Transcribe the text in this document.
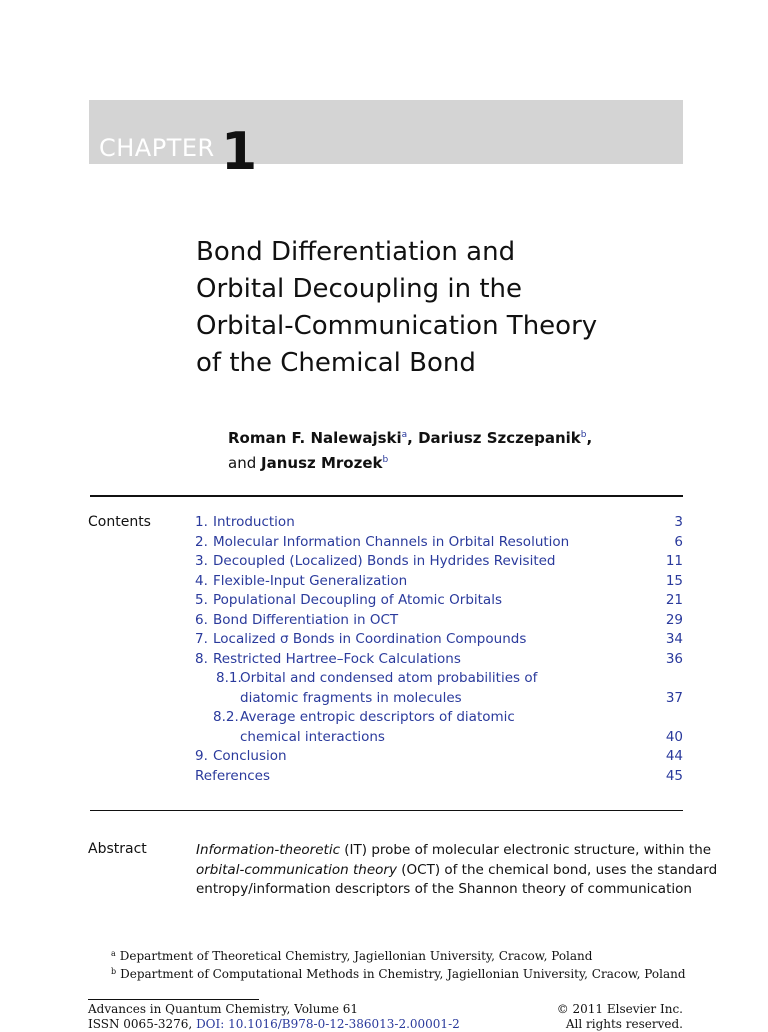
CHAPTER 1
Bond Differentiation and
Orbital Decoupling in the
Orbital-Communication Theory
of the Chemical Bond
Roman F. Nalewajski$^a$, Dariusz Szczepanik$^b$,
and Janusz Mrozek$^b$
Contents	1. Introduction	3
2. Molecular Information Channels in Orbital Resolution	6
3. Decoupled (Localized) Bonds in Hydrides Revisited	11
4. Flexible-Input Generalization	15
5. Populational Decoupling of Atomic Orbitals	21
6. Bond Differentiation in OCT	29
7. Localized σ Bonds in Coordination Compounds	34
8. Restricted Hartree–Fock Calculations	36
8.1.
Orbital and condensed atom probabilities of
diatomic fragments in molecules	37
8.2. Average entropic descriptors of diatomic
chemical interactions	40
9. Conclusion	44
References	45
Abstract	Information-theoretic (IT) probe of molecular electronic structure, within the
orbital-communication theory (OCT) of the chemical bond, uses the standard
entropy/information descriptors of the Shannon theory of communication
$^a$ Department of Theoretical Chemistry, Jagiellonian University, Cracow, Poland
$^b$ Department of Computational Methods in Chemistry, Jagiellonian University, Cracow, Poland
Advances in Quantum Chemistry, Volume 61
ISSN 0065-3276, DOI: 10.1016/B978-0-12-386013-2.00001-2
© 2011 Elsevier Inc.
All rights reserved.
